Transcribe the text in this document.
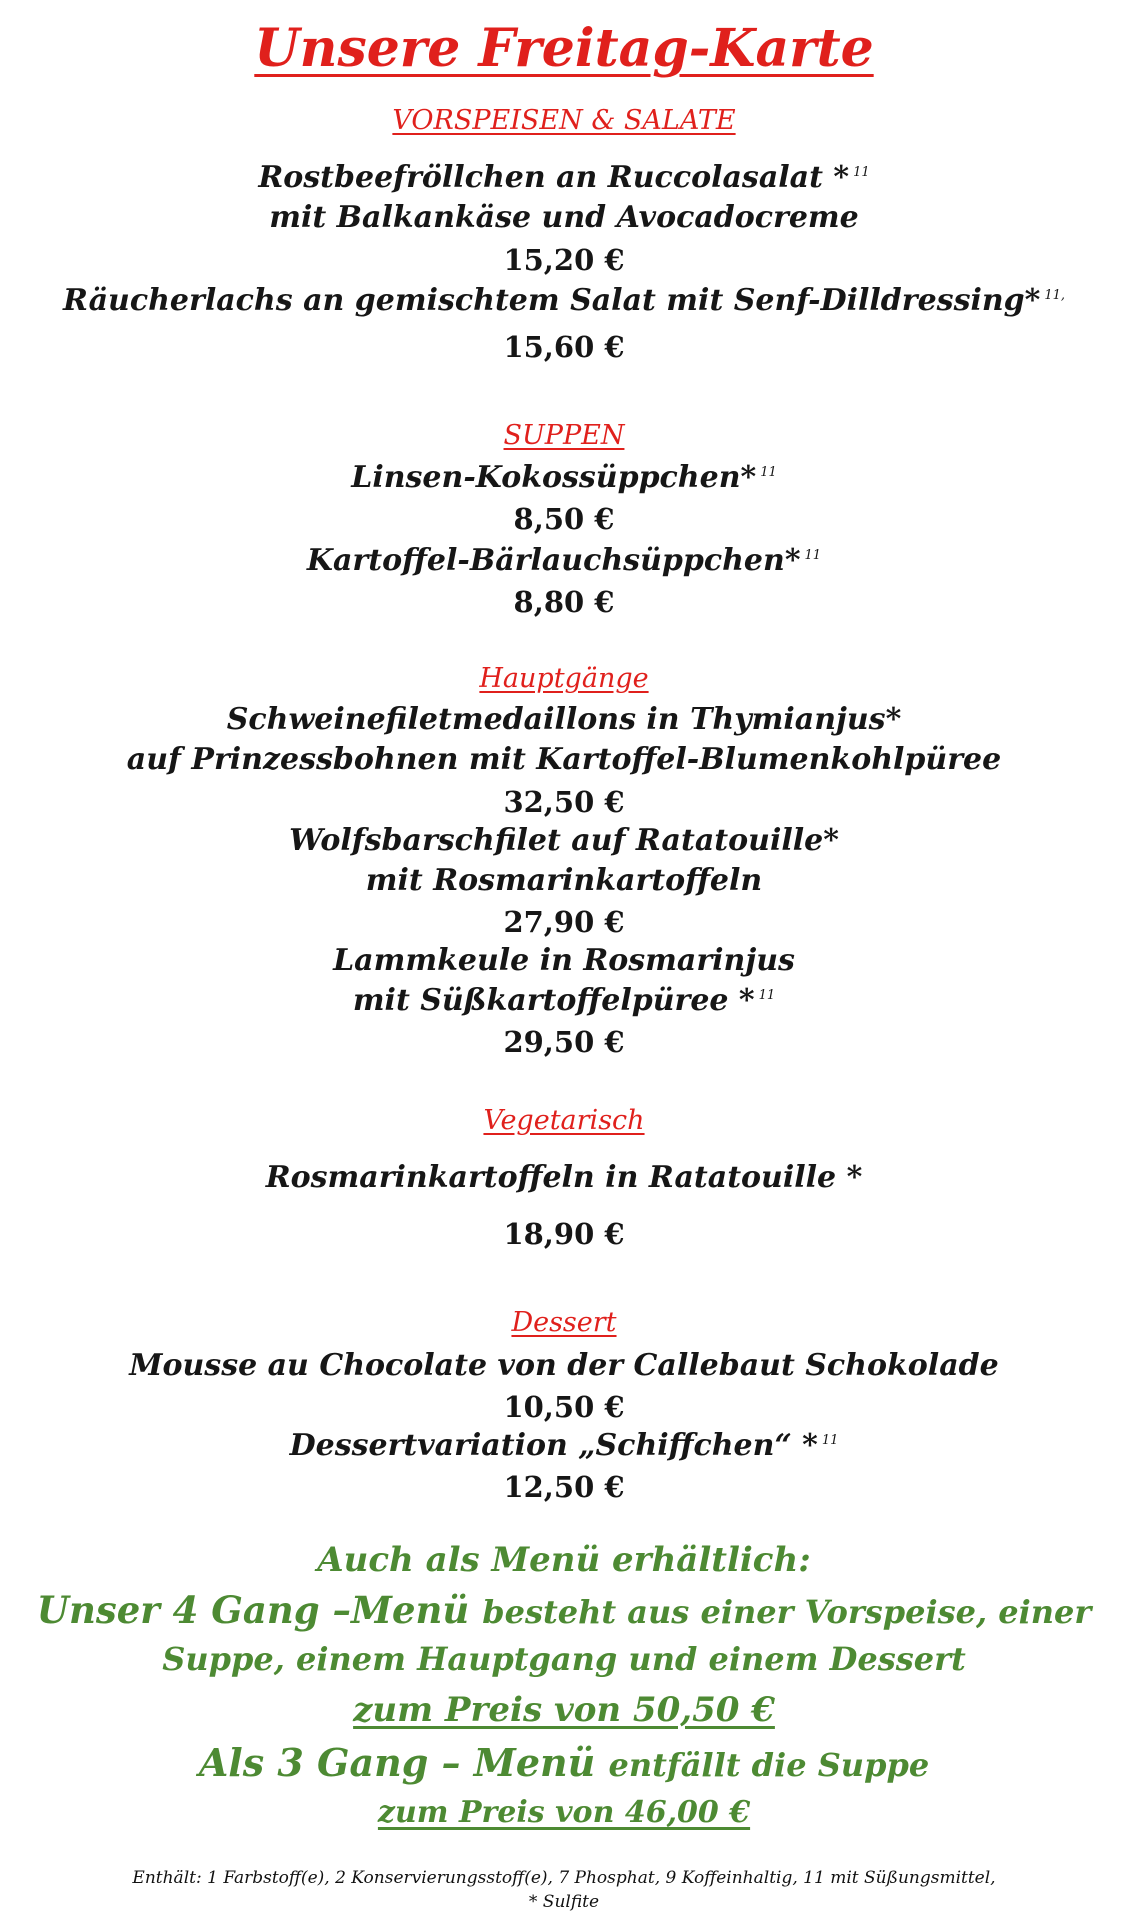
Unsere Freitag-Karte
VORSPEISEN & SALATE
Rostbeefröllchen an Ruccolasalat * $^{11}$
mit Balkankäse und Avocadocreme
15,20 €
Räucherlachs an gemischtem Salat mit Senf-Dilldressing* $^{11,}$
15,60 €
SUPPEN
Linsen-Kokossüppchen* $^{11}$
8,50 €
Kartoffel-Bärlauchsüppchen* $^{11}$
8,80 €
Hauptgänge
Schweinefiletmedaillons in Thymianjus*
auf Prinzessbohnen mit Kartoffel-Blumenkohlpüree
32,50 €
Wolfsbarschfilet auf Ratatouille*
mit Rosmarinkartoffeln
27,90 €
Lammkeule in Rosmarinjus
mit Süßkartoffelpüree * $^{11}$
29,50 €
Vegetarisch
Rosmarinkartoffeln in Ratatouille *
18,90 €
Dessert
Mousse au Chocolate von der Callebaut Schokolade
10,50 €
Dessertvariation „Schiffchen“ * $^{11}$
12,50 €
Auch als Menü erhältlich:
Unser 4 Gang –Menü besteht aus einer Vorspeise, einer
Suppe, einem Hauptgang und einem Dessert
zum Preis von 50,50 €
Als 3 Gang – Menü entfällt die Suppe
zum Preis von 46,00 €
Enthält: 1 Farbstoff(e), 2 Konservierungsstoff(e), 7 Phosphat, 9 Koffeinhaltig, 11 mit Süßungsmittel,
* Sulfite
